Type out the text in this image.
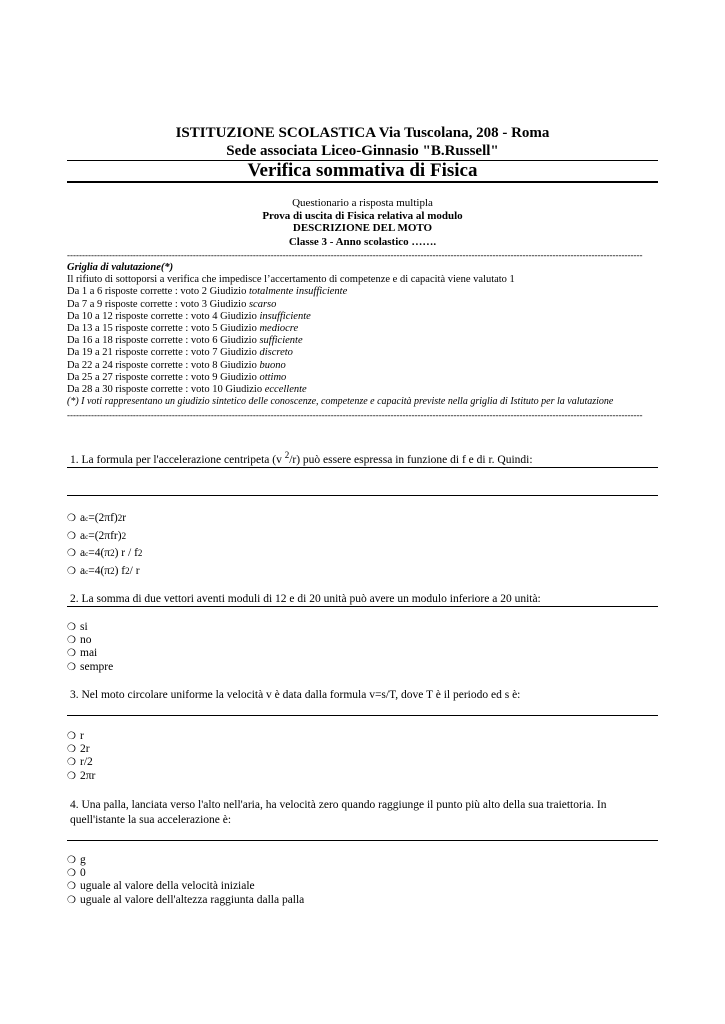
ISTITUZIONE SCOLASTICA Via Tuscolana, 208 - Roma
Sede associata Liceo-Ginnasio "B.Russell"
Verifica sommativa di Fisica
Questionario a risposta multipla
Prova di uscita di Fisica relativa al modulo
DESCRIZIONE DEL MOTO
Classe 3 - Anno scolastico …….
------------------------------------------------------------------------------------------------------------------------------------------------------------------------------------------------
Griglia di valutazione(*)
Il rifiuto di sottoporsi a verifica che impedisce l’accertamento di competenze e di capacità viene valutato 1
Da 1 a 6 risposte corrette : voto 2 Giudizio totalmente insufficiente
Da 7 a 9 risposte corrette : voto 3 Giudizio scarso
Da 10 a 12 risposte corrette : voto 4 Giudizio insufficiente
Da 13 a 15 risposte corrette : voto 5 Giudizio mediocre
Da 16 a 18 risposte corrette : voto 6 Giudizio sufficiente
Da 19 a 21 risposte corrette : voto 7 Giudizio discreto
Da 22 a 24 risposte corrette : voto 8 Giudizio buono
Da 25 a 27 risposte corrette : voto 9 Giudizio ottimo
Da 28 a 30 risposte corrette : voto 10 Giudizio eccellente
(*) I voti rappresentano un giudizio sintetico delle conoscenze, competenze e capacità previste nella griglia di Istituto per la valutazione
------------------------------------------------------------------------------------------------------------------------------------------------------------------------------------------------
1. La formula per l'accelerazione centripeta (v $^2$/r) può essere espressa in funzione di f e di r. Quindi:
❍ a c =(2πf) 2 r
❍ a c =(2πfr) 2
❍ a c =4(π 2 ) r / f 2
❍ a c =4(π 2 ) f 2 / r
2. La somma di due vettori aventi moduli di 12 e di 20 unità può avere un modulo inferiore a 20 unità:
❍ si
❍ no
❍ mai
❍ sempre
3. Nel moto circolare uniforme la velocità v è data dalla formula v=s/T, dove T è il periodo ed s è:
❍ r
❍ 2r
❍ r/2
❍ 2πr
4. Una palla, lanciata verso l'alto nell'aria, ha velocità zero quando raggiunge il punto più alto della sua traiettoria. In quell'istante la sua accelerazione è:
❍ g
❍ 0
❍ uguale al valore della velocità iniziale
❍ uguale al valore dell'altezza raggiunta dalla palla
